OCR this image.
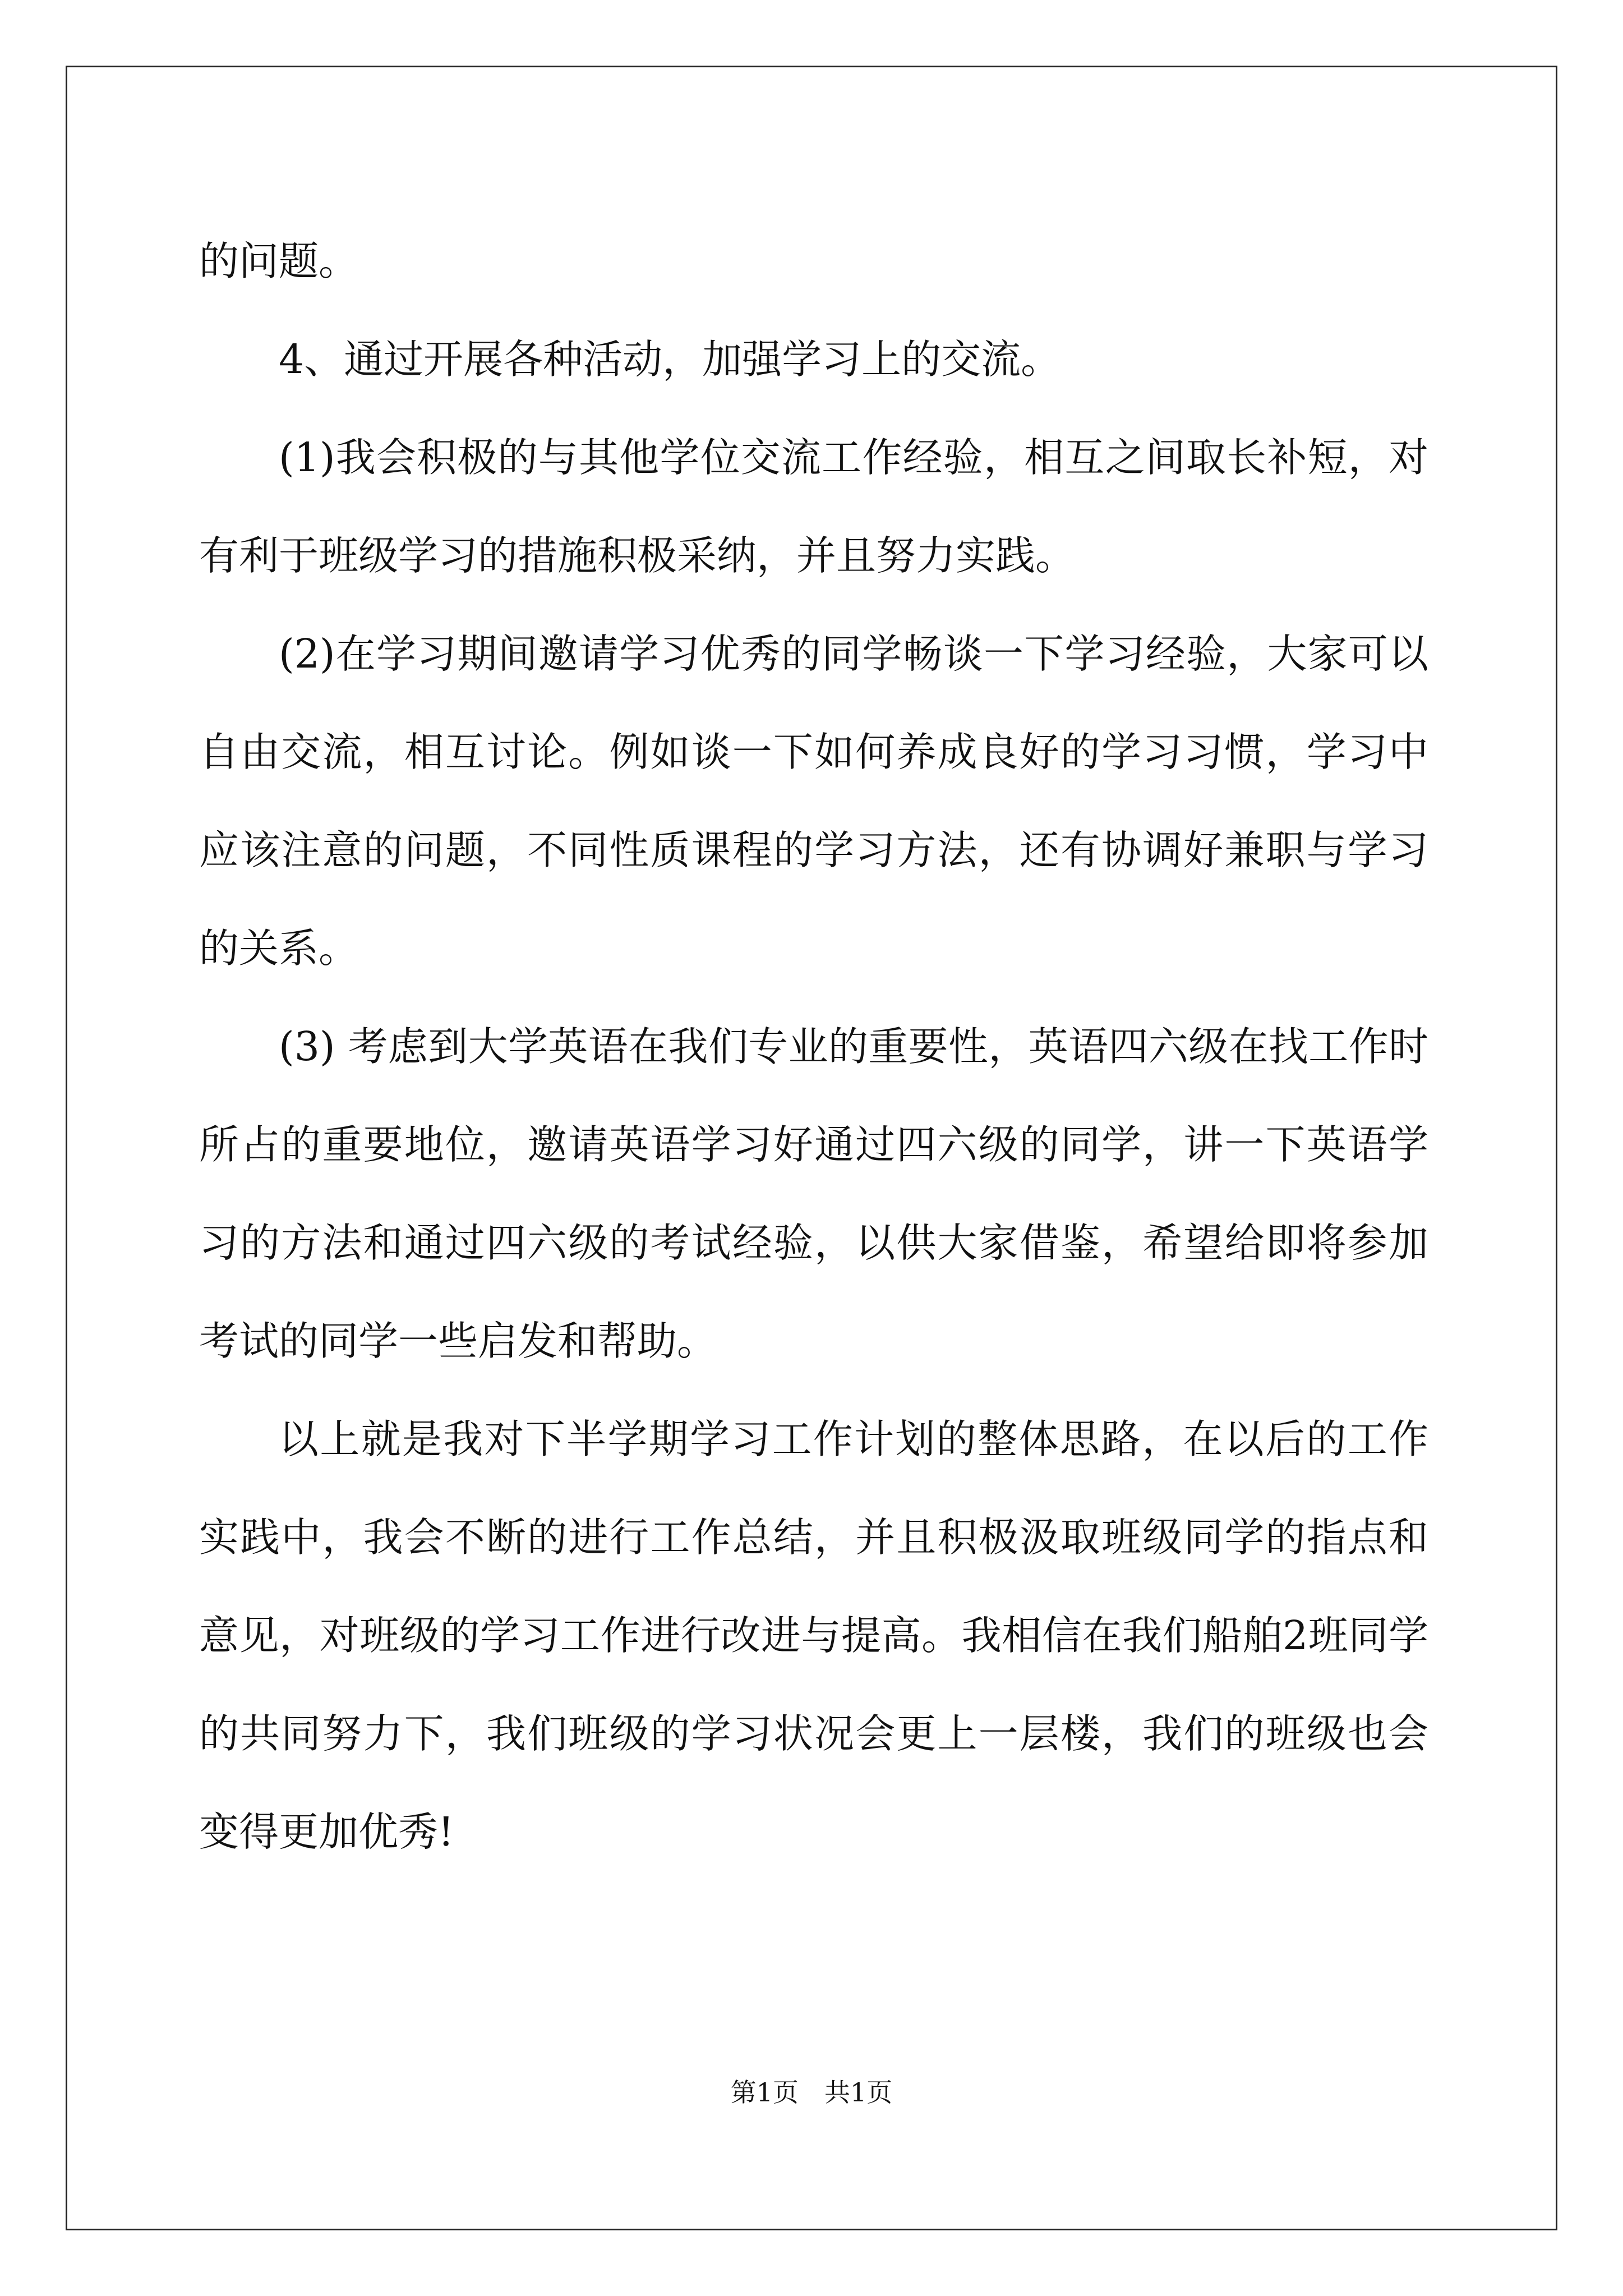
的问题。

4、通过开展各种活动，加强学习上的交流。

(1)我会积极的与其他学位交流工作经验，相互之间取长补短，对有利于班级学习的措施积极采纳，并且努力实践。

(2)在学习期间邀请学习优秀的同学畅谈一下学习经验，大家可以自由交流，相互讨论。例如谈一下如何养成良好的学习习惯，学习中应该注意的问题，不同性质课程的学习方法，还有协调好兼职与学习的关系。

(3) 考虑到大学英语在我们专业的重要性，英语四六级在找工作时所占的重要地位，邀请英语学习好通过四六级的同学，讲一下英语学习的方法和通过四六级的考试经验，以供大家借鉴，希望给即将参加考试的同学一些启发和帮助。

以上就是我对下半学期学习工作计划的整体思路，在以后的工作实践中，我会不断的进行工作总结，并且积极汲取班级同学的指点和意见，对班级的学习工作进行改进与提高。我相信在我们船舶2班同学的共同努力下，我们班级的学习状况会更上一层楼，我们的班级也会变得更加优秀!

第1页 共1页
